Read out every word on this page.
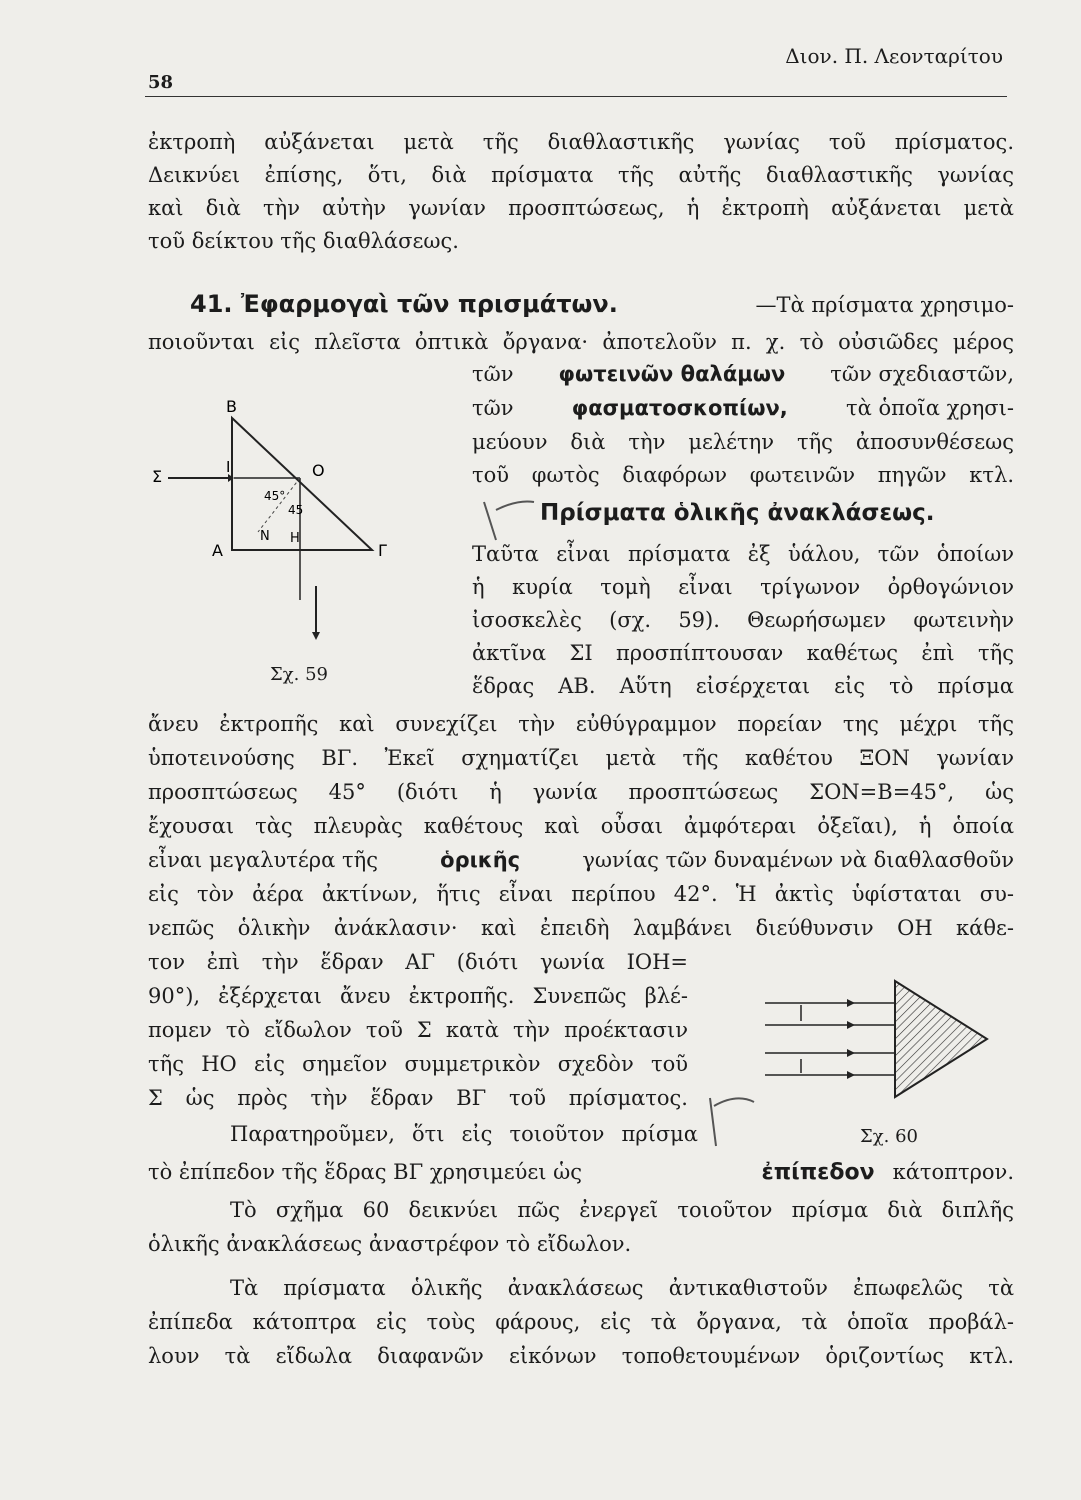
58
Διον. Π. Λεονταρίτου
ἐκτροπὴ αὐξάνεται μετὰ τῆς διαθλαστικῆς γωνίας τοῦ πρίσματος.
Δεικνύει ἐπίσης, ὅτι, διὰ πρίσματα τῆς αὐτῆς διαθλαστικῆς γωνίας
καὶ διὰ τὴν αὐτὴν γωνίαν προσπτώσεως, ἡ ἐκτροπὴ αὐξάνεται μετὰ
τοῦ δείκτου τῆς διαθλάσεως.
41. Ἐφαρμογαὶ τῶν πρισμάτων.	—Τὰ πρίσματα χρησιμο-
ποιοῦνται εἰς πλεῖστα ὀπτικὰ ὄργανα· ἀποτελοῦν π. χ. τὸ οὐσιῶδες μέρος
τῶν φωτεινῶν θαλάμων τῶν σχεδιαστῶν,
τῶν	φασματοσκοπίων,	τὰ ὁποῖα χρησι-
μεύουν διὰ τὴν μελέτην τῆς ἀποσυνθέσεως
τοῦ φωτὸς διαφόρων φωτεινῶν πηγῶν κτλ.
Πρίσματα ὁλικῆς ἀνακλάσεως.
Ταῦτα εἶναι πρίσματα ἐξ ὑάλου, τῶν ὁποίων
ἡ κυρία τομὴ εἶναι τρίγωνον ὀρθογώνιον
ἰσοσκελὲς (σχ. 59). Θεωρήσωμεν φωτεινὴν
ἀκτῖνα ΣΙ προσπίπτουσαν καθέτως ἐπὶ τῆς
ἕδρας ΑΒ. Αὕτη εἰσέρχεται εἰς τὸ πρίσμα
ἄνευ ἐκτροπῆς καὶ συνεχίζει τὴν εὐθύγραμμον πορείαν της μέχρι τῆς
ὑποτεινούσης ΒΓ. Ἐκεῖ σχηματίζει μετὰ τῆς καθέτου ΞΟΝ γωνίαν
προσπτώσεως 45° (διότι ἡ γωνία προσπτώσεως ΣΟΝ=Β=45°, ὡς
ἔχουσαι τὰς πλευρὰς καθέτους καὶ οὖσαι ἀμφότεραι ὀξεῖαι), ἡ ὁποία
εἶναι μεγαλυτέρα τῆς	ὁρικῆς	γωνίας τῶν δυναμένων νὰ διαθλασθοῦν
εἰς τὸν ἀέρα ἀκτίνων, ἥτις εἶναι περίπου 42°. Ἡ ἀκτὶς ὑφίσταται συ-
νεπῶς ὁλικὴν ἀνάκλασιν· καὶ ἐπειδὴ λαμβάνει διεύθυνσιν ΟΗ κάθε-
τον ἐπὶ τὴν ἕδραν ΑΓ (διότι γωνία ΙΟΗ=
90°), ἐξέρχεται ἄνευ ἐκτροπῆς. Συνεπῶς βλέ-
πομεν τὸ εἴδωλον τοῦ Σ κατὰ τὴν προέκτασιν
τῆς ΗΟ εἰς σημεῖον συμμετρικὸν σχεδὸν τοῦ
Σ ὡς πρὸς τὴν ἕδραν ΒΓ τοῦ πρίσματος.
Παρατηροῦμεν, ὅτι εἰς τοιοῦτον πρίσμα
τὸ ἐπίπεδον τῆς ἕδρας ΒΓ χρησιμεύει ὡς	ἐπίπεδον κάτοπτρον.
Τὸ σχῆμα 60 δεικνύει πῶς ἐνεργεῖ τοιοῦτον πρίσμα διὰ διπλῆς
ὁλικῆς ἀνακλάσεως ἀναστρέφον τὸ εἴδωλον.
Τὰ πρίσματα ὁλικῆς ἀνακλάσεως ἀντικαθιστοῦν ἐπωφελῶς τὰ
ἐπίπεδα κάτοπτρα εἰς τοὺς φάρους, εἰς τὰ ὄργανα, τὰ ὁποῖα προβάλ-
λουν τὰ εἴδωλα διαφανῶν εἰκόνων τοποθετουμένων ὁριζοντίως κτλ.
Β
Σ	Ι	Ο
Α	Γ
Ν Η
45°
45
Σχ. 59
Σχ. 60
